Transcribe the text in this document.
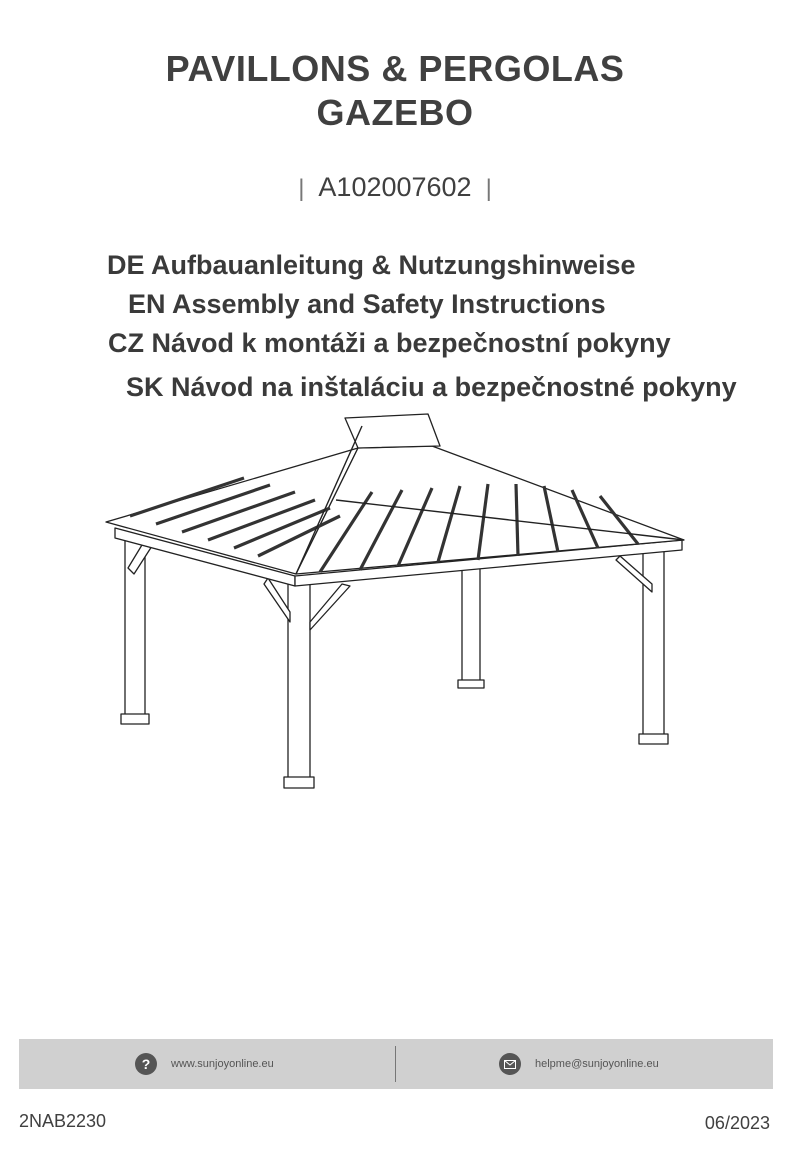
PAVILLONS & PERGOLAS
GAZEBO
| A102007602 |
DE Aufbauanleitung & Nutzungshinweise
EN Assembly and Safety Instructions
CZ Návod k montáži a bezpečnostní pokyny
SK Návod na inštaláciu a bezpečnostné pokyny
?	www.sunjoyonline.eu	helpme@sunjoyonline.eu
2NAB2230	06/2023
